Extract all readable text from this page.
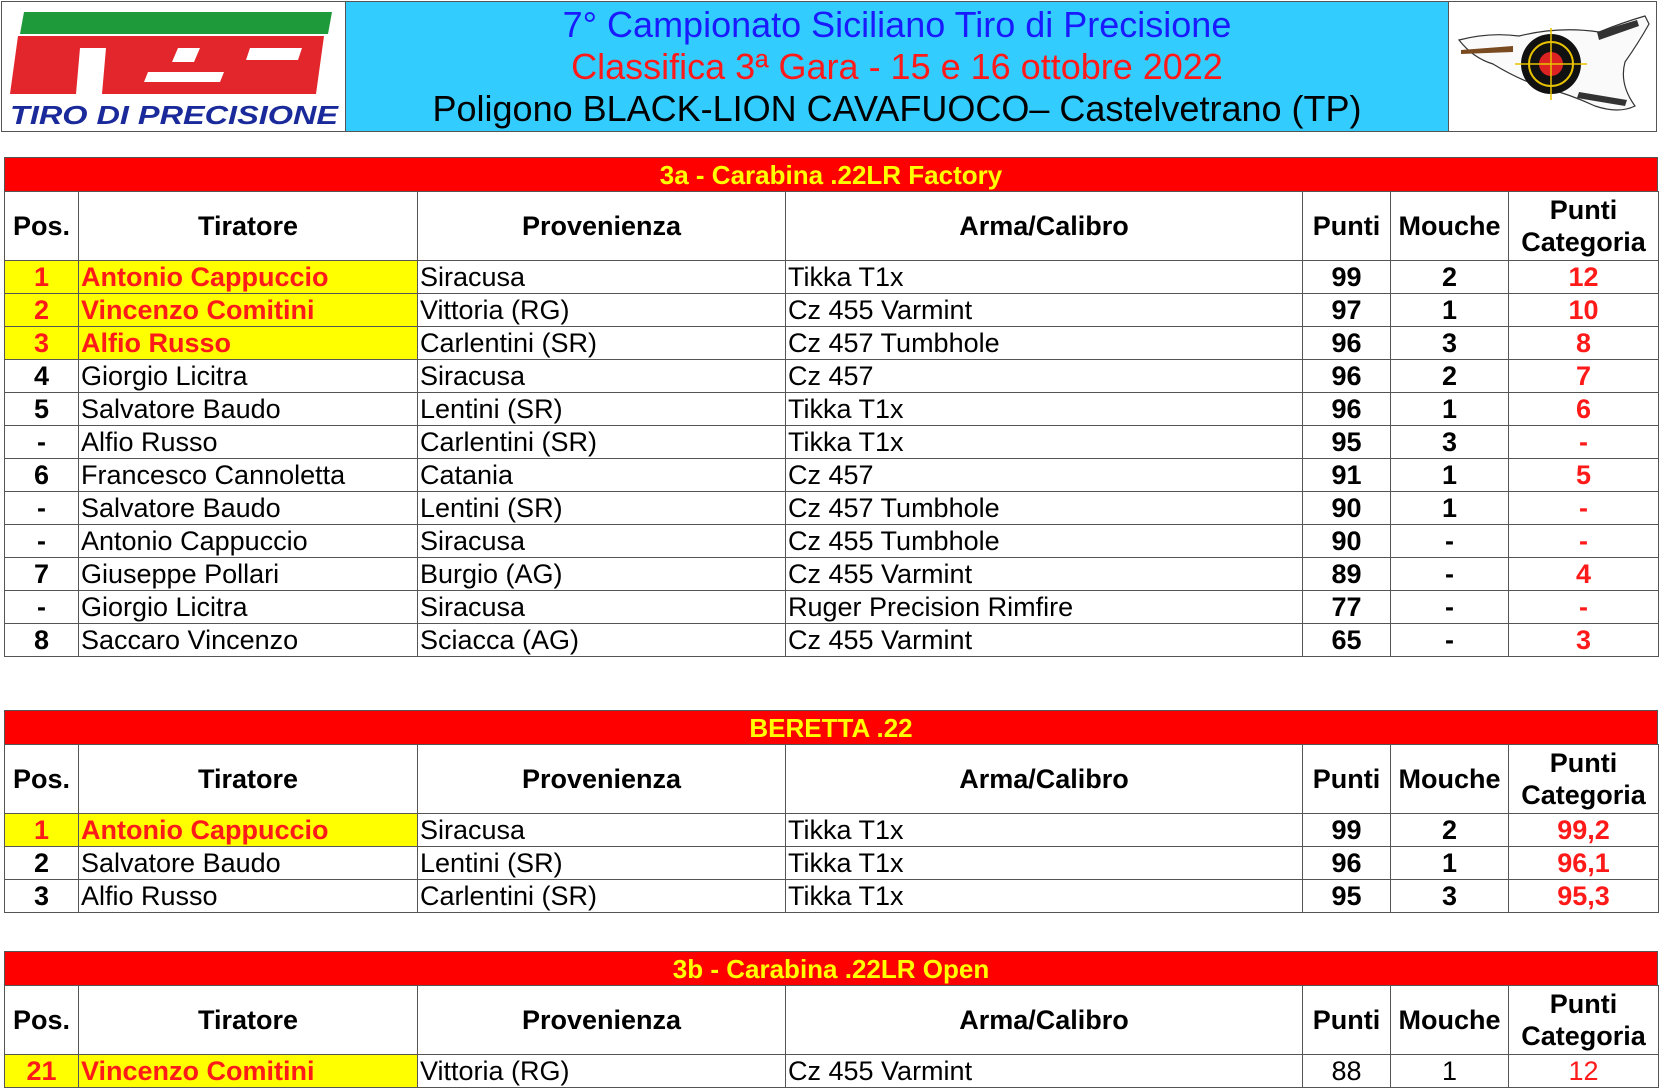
TIRO DI PRECISIONE
7° Campionato Siciliano Tiro di Precisione
Classifica 3ª Gara - 15 e 16 ottobre 2022
Poligono BLACK-LION CAVAFUOCO– Castelvetrano (TP)
3a - Carabina .22LR Factory
Pos.	Tiratore	Provenienza	Arma/Calibro	Punti	Mouche	Punti
Categoria
1	Antonio Cappuccio	Siracusa	Tikka T1x	99	2	12
2	Vincenzo Comitini	Vittoria (RG)	Cz 455 Varmint	97	1	10
3	Alfio Russo	Carlentini (SR)	Cz 457 Tumbhole	96	3	8
4	Giorgio Licitra	Siracusa	Cz 457	96	2	7
5	Salvatore Baudo	Lentini (SR)	Tikka T1x	96	1	6
-	Alfio Russo	Carlentini (SR)	Tikka T1x	95	3	-
6	Francesco Cannoletta	Catania	Cz 457	91	1	5
-	Salvatore Baudo	Lentini (SR)	Cz 457 Tumbhole	90	1	-
-	Antonio Cappuccio	Siracusa	Cz 455 Tumbhole	90	-	-
7	Giuseppe Pollari	Burgio (AG)	Cz 455 Varmint	89	-	4
-	Giorgio Licitra	Siracusa	Ruger Precision Rimfire	77	-	-
8	Saccaro Vincenzo	Sciacca (AG)	Cz 455 Varmint	65	-	3
BERETTA .22
Pos.	Tiratore	Provenienza	Arma/Calibro	Punti	Mouche	Punti
Categoria
1	Antonio Cappuccio	Siracusa	Tikka T1x	99	2	99,2
2	Salvatore Baudo	Lentini (SR)	Tikka T1x	96	1	96,1
3	Alfio Russo	Carlentini (SR)	Tikka T1x	95	3	95,3
3b - Carabina .22LR Open
Pos.	Tiratore	Provenienza	Arma/Calibro	Punti	Mouche	Punti
Categoria
21	Vincenzo Comitini	Vittoria (RG)	Cz 455 Varmint	88	1	12
